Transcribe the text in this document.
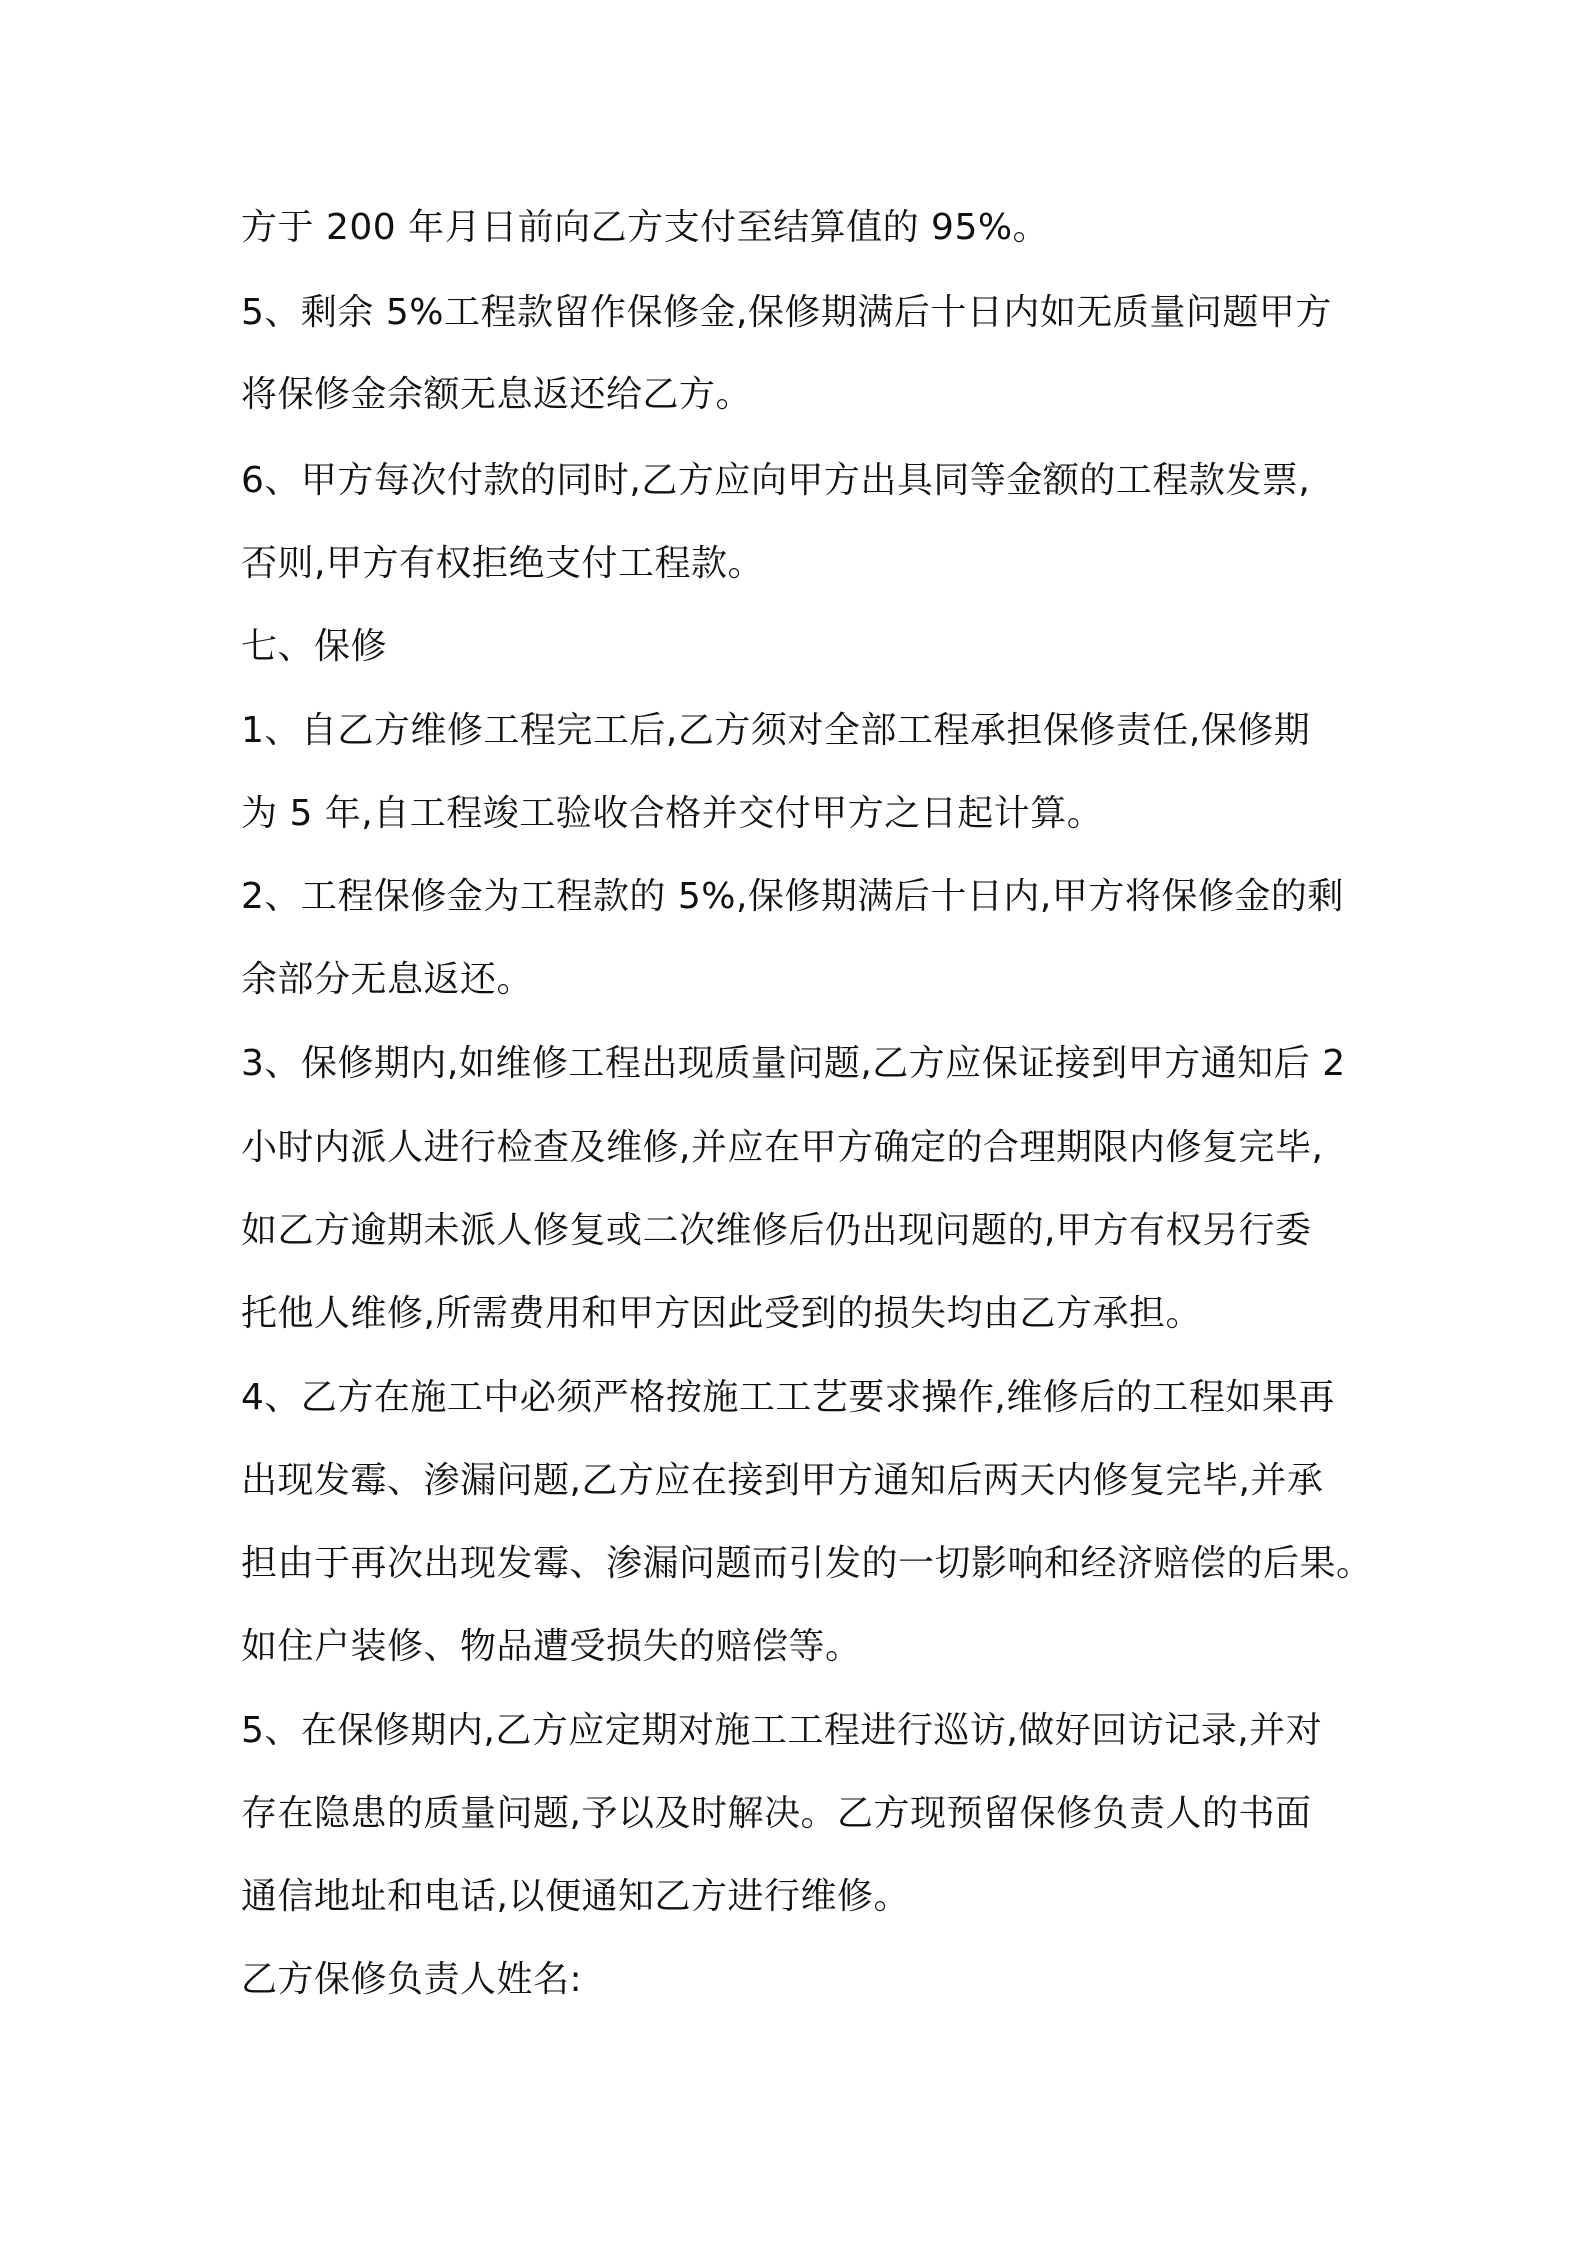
方于 200 年月日前向乙方支付至结算值的 95%。

5、剩余 5%工程款留作保修金,保修期满后十日内如无质量问题甲方

将保修金余额无息返还给乙方。

6、甲方每次付款的同时,乙方应向甲方出具同等金额的工程款发票,

否则,甲方有权拒绝支付工程款。

七、保修

1、自乙方维修工程完工后,乙方须对全部工程承担保修责任,保修期

为 5 年,自工程竣工验收合格并交付甲方之日起计算。

2、工程保修金为工程款的 5%,保修期满后十日内,甲方将保修金的剩

余部分无息返还。

3、保修期内,如维修工程出现质量问题,乙方应保证接到甲方通知后 2

小时内派人进行检查及维修,并应在甲方确定的合理期限内修复完毕,

如乙方逾期未派人修复或二次维修后仍出现问题的,甲方有权另行委

托他人维修,所需费用和甲方因此受到的损失均由乙方承担。

4、乙方在施工中必须严格按施工工艺要求操作,维修后的工程如果再

出现发霉、渗漏问题,乙方应在接到甲方通知后两天内修复完毕,并承

担由于再次出现发霉、渗漏问题而引发的一切影响和经济赔偿的后果。

如住户装修、物品遭受损失的赔偿等。

5、在保修期内,乙方应定期对施工工程进行巡访,做好回访记录,并对

存在隐患的质量问题,予以及时解决。乙方现预留保修负责人的书面

通信地址和电话,以便通知乙方进行维修。

乙方保修负责人姓名:
